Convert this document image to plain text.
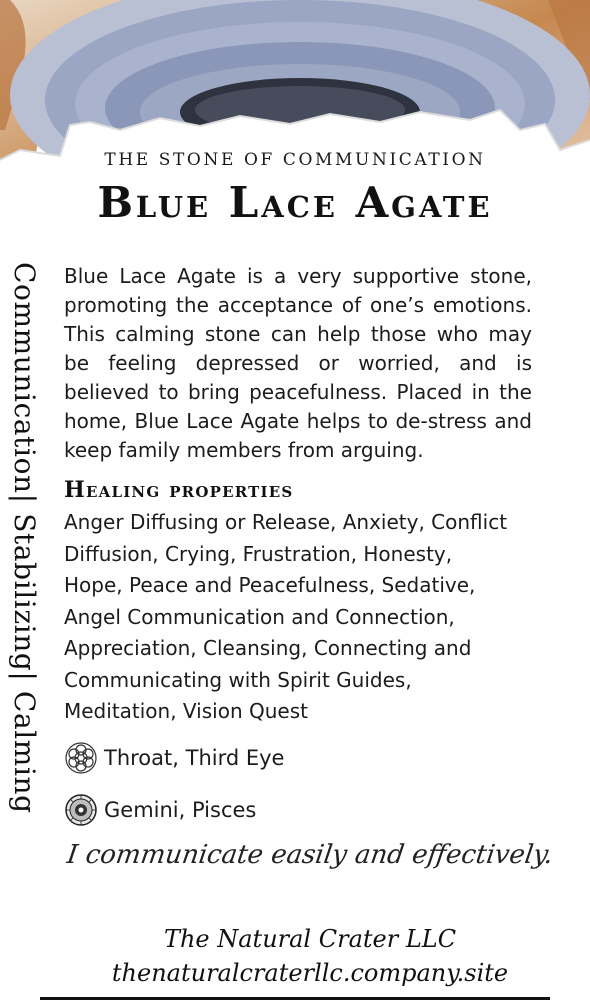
THE STONE OF COMMUNICATION
Blue Lace Agate
Communication| Stabilizing| Calming Blue Lace Agate is a very supportive stone, promoting the acceptance of one’s emotions. This calming stone can help those who may be feeling depressed or worried, and is believed to bring peacefulness. Placed in the home, Blue Lace Agate helps to de-stress and keep family members from arguing.

Healing properties

Anger Diffusing or Release, Anxiety, Conflict Diffusion, Crying, Frustration, Honesty, Hope, Peace and Peacefulness, Sedative, Angel Communication and Connection, Appreciation, Cleansing, Connecting and Communicating with Spirit Guides, Meditation, Vision Quest

Throat, Third Eye
Gemini, Pisces
I communicate easily and effectively.
The Natural Crater LLC
thenaturalcraterllc.company.site
